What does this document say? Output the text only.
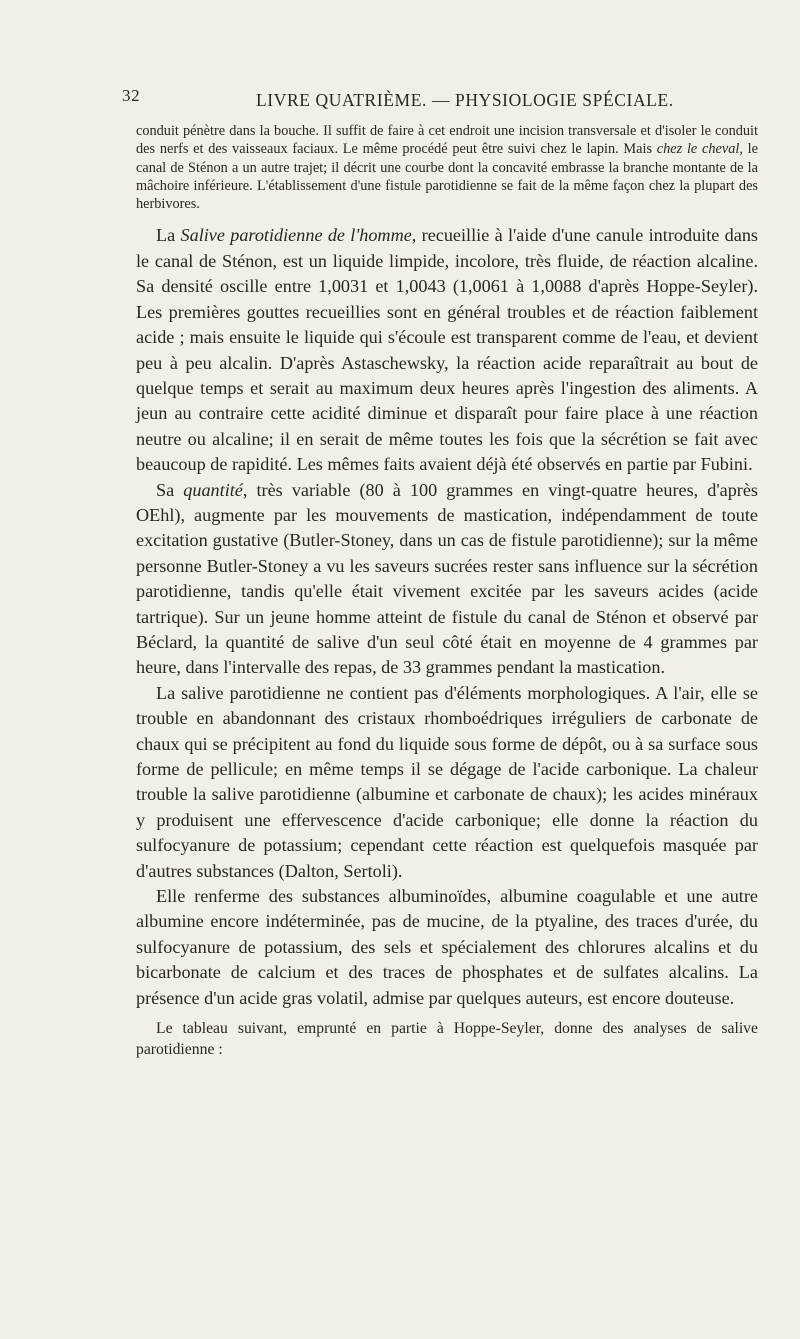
32	LIVRE QUATRIÈME. — PHYSIOLOGIE SPÉCIALE.

conduit pénètre dans la bouche. Il suffit de faire à cet endroit une incision transversale et d'isoler le conduit des nerfs et des vaisseaux faciaux. Le même procédé peut être suivi chez le lapin. Mais chez le cheval, le canal de Sténon a un autre trajet; il décrit une courbe dont la concavité embrasse la branche montante de la mâchoire inférieure. L'établissement d'une fistule parotidienne se fait de la même façon chez la plupart des herbivores.

La Salive parotidienne de l'homme, recueillie à l'aide d'une canule introduite dans le canal de Sténon, est un liquide limpide, incolore, très fluide, de réaction alcaline. Sa densité oscille entre 1,0031 et 1,0043 (1,0061 à 1,0088 d'après Hoppe-Seyler). Les premières gouttes recueillies sont en général troubles et de réaction faiblement acide ; mais ensuite le liquide qui s'écoule est transparent comme de l'eau, et devient peu à peu alcalin. D'après Astaschewsky, la réaction acide reparaîtrait au bout de quelque temps et serait au maximum deux heures après l'ingestion des aliments. A jeun au contraire cette acidité diminue et disparaît pour faire place à une réaction neutre ou alcaline; il en serait de même toutes les fois que la sécrétion se fait avec beaucoup de rapidité. Les mêmes faits avaient déjà été observés en partie par Fubini.

Sa quantité, très variable (80 à 100 grammes en vingt-quatre heures, d'après OEhl), augmente par les mouvements de mastication, indépendamment de toute excitation gustative (Butler-Stoney, dans un cas de fistule parotidienne); sur la même personne Butler-Stoney a vu les saveurs sucrées rester sans influence sur la sécrétion parotidienne, tandis qu'elle était vivement excitée par les saveurs acides (acide tartrique). Sur un jeune homme atteint de fistule du canal de Sténon et observé par Béclard, la quantité de salive d'un seul côté était en moyenne de 4 grammes par heure, dans l'intervalle des repas, de 33 grammes pendant la mastication.

La salive parotidienne ne contient pas d'éléments morphologiques. A l'air, elle se trouble en abandonnant des cristaux rhomboédriques irréguliers de carbonate de chaux qui se précipitent au fond du liquide sous forme de dépôt, ou à sa surface sous forme de pellicule; en même temps il se dégage de l'acide carbonique. La chaleur trouble la salive parotidienne (albumine et carbonate de chaux); les acides minéraux y produisent une effervescence d'acide carbonique; elle donne la réaction du sulfocyanure de potassium; cependant cette réaction est quelquefois masquée par d'autres substances (Dalton, Sertoli).

Elle renferme des substances albuminoïdes, albumine coagulable et une autre albumine encore indéterminée, pas de mucine, de la ptyaline, des traces d'urée, du sulfocyanure de potassium, des sels et spécialement des chlorures alcalins et du bicarbonate de calcium et des traces de phosphates et de sulfates alcalins. La présence d'un acide gras volatil, admise par quelques auteurs, est encore douteuse.

Le tableau suivant, emprunté en partie à Hoppe-Seyler, donne des analyses de salive parotidienne :
